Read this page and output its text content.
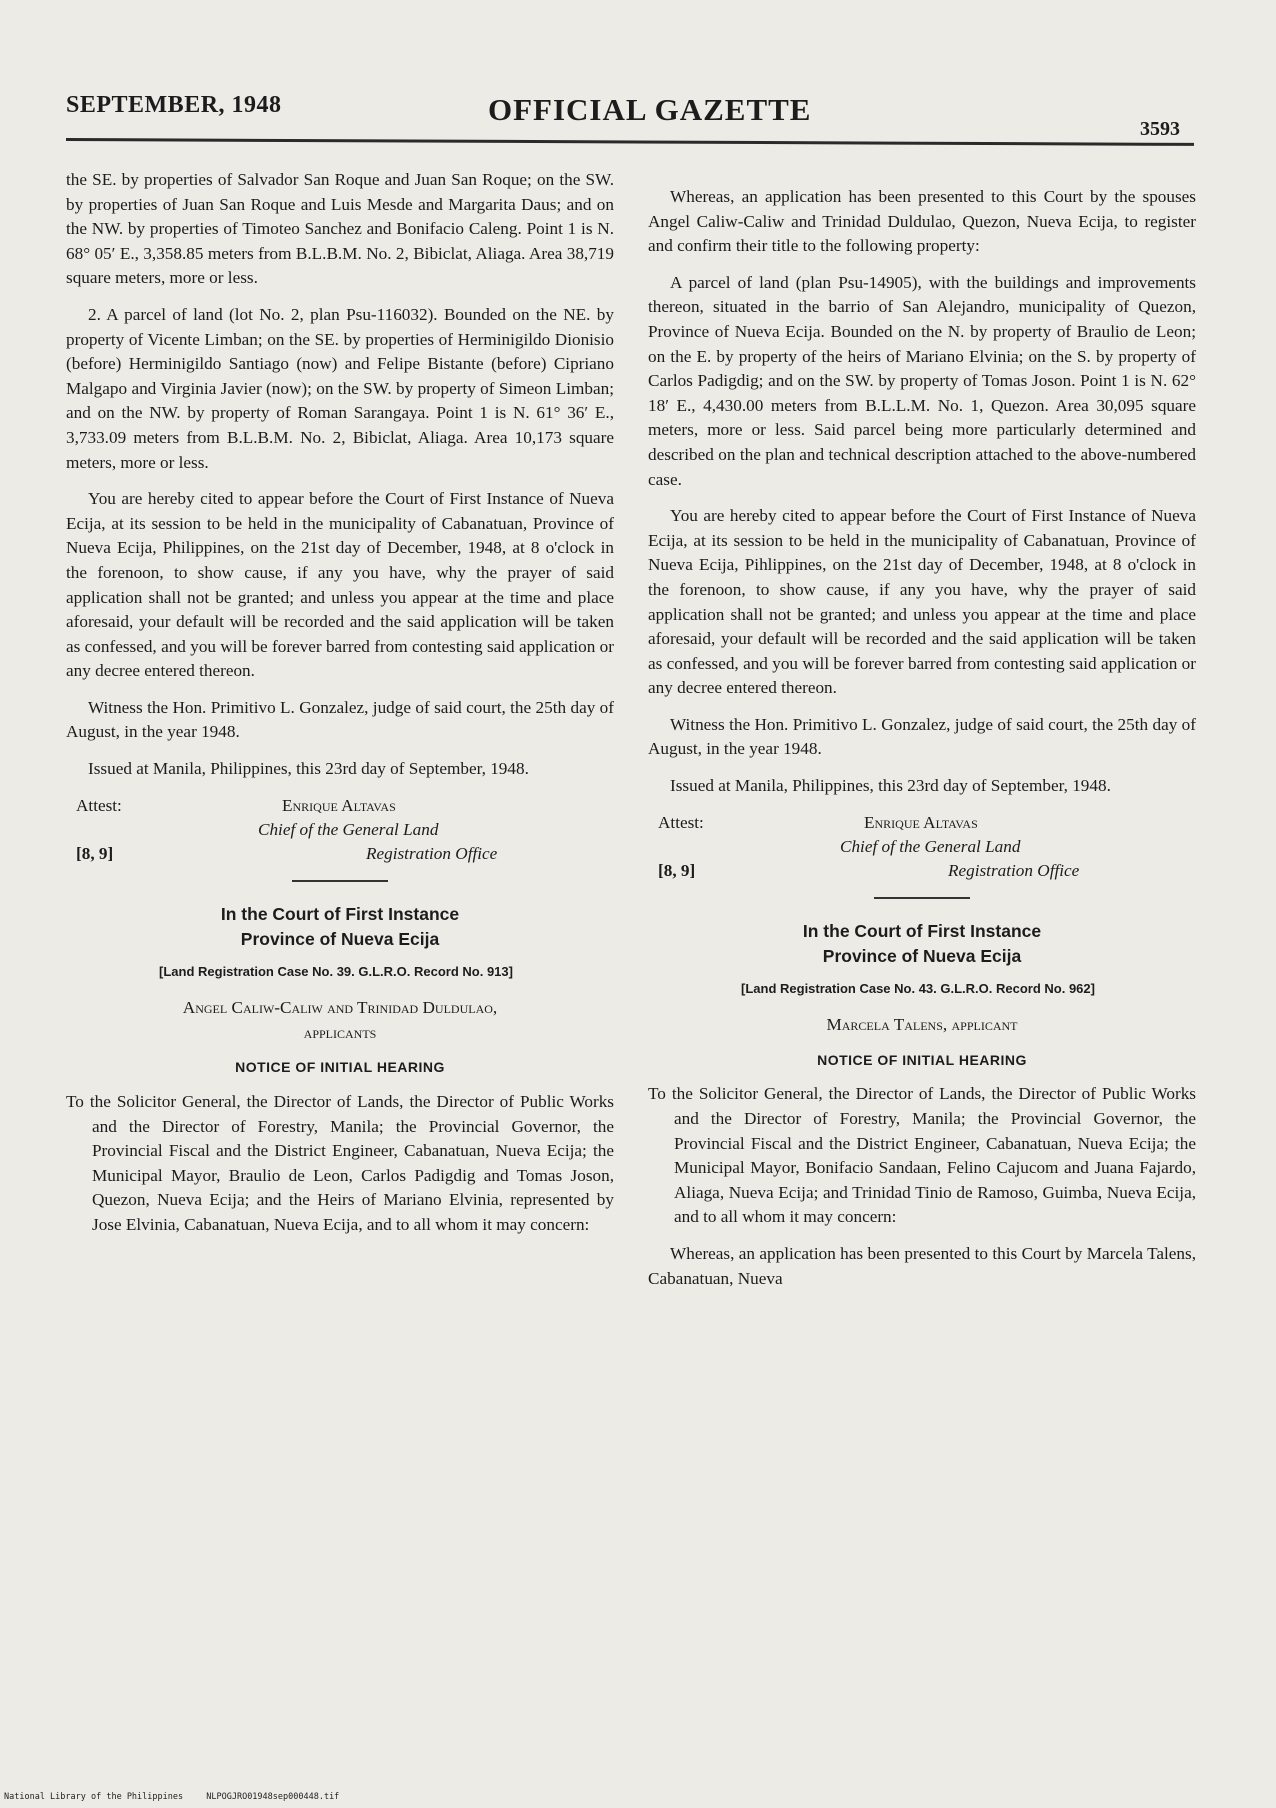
SEPTEMBER, 1948	OFFICIAL GAZETTE
3593

the SE. by properties of Salvador San Roque and Juan San Roque; on the SW. by properties of Juan San Roque and Luis Mesde and Margarita Daus; and on the NW. by properties of Timoteo Sanchez and Bonifacio Caleng. Point 1 is N. 68° 05′ E., 3,358.85 meters from B.L.B.M. No. 2, Bibiclat, Aliaga. Area 38,719 square meters, more or less.

2. A parcel of land (lot No. 2, plan Psu-116032). Bounded on the NE. by property of Vicente Limban; on the SE. by properties of Herminigildo Dionisio (before) Herminigildo Santiago (now) and Felipe Bistante (before) Cipriano Malgapo and Virginia Javier (now); on the SW. by property of Simeon Limban; and on the NW. by property of Roman Sarangaya. Point 1 is N. 61° 36′ E., 3,733.09 meters from B.L.B.M. No. 2, Bibiclat, Aliaga. Area 10,173 square meters, more or less.

You are hereby cited to appear before the Court of First Instance of Nueva Ecija, at its session to be held in the municipality of Cabanatuan, Province of Nueva Ecija, Philippines, on the 21st day of December, 1948, at 8 o'clock in the forenoon, to show cause, if any you have, why the prayer of said application shall not be granted; and unless you appear at the time and place aforesaid, your default will be recorded and the said application will be taken as confessed, and you will be forever barred from contesting said application or any decree entered thereon.

Witness the Hon. Primitivo L. Gonzalez, judge of said court, the 25th day of August, in the year 1948.

Issued at Manila, Philippines, this 23rd day of September, 1948.

Attest:	Enrique Altavas
Chief of the General Land
[8, 9]	Registration Office
In the Court of First Instance
Province of Nueva Ecija
[Land Registration Case No. 39. G.L.R.O. Record No. 913]
Angel Caliw-Caliw and Trinidad Duldulao,
applicants
NOTICE OF INITIAL HEARING

To the Solicitor General, the Director of Lands, the Director of Public Works and the Director of Forestry, Manila; the Provincial Governor, the Provincial Fiscal and the District Engineer, Cabanatuan, Nueva Ecija; the Municipal Mayor, Braulio de Leon, Carlos Padigdig and Tomas Joson, Quezon, Nueva Ecija; and the Heirs of Mariano Elvinia, represented by Jose Elvinia, Cabanatuan, Nueva Ecija, and to all whom it may concern:

Whereas, an application has been presented to this Court by the spouses Angel Caliw-Caliw and Trinidad Duldulao, Quezon, Nueva Ecija, to register and confirm their title to the following property:

A parcel of land (plan Psu-14905), with the buildings and improvements thereon, situated in the barrio of San Alejandro, municipality of Quezon, Province of Nueva Ecija. Bounded on the N. by property of Braulio de Leon; on the E. by property of the heirs of Mariano Elvinia; on the S. by property of Carlos Padigdig; and on the SW. by property of Tomas Joson. Point 1 is N. 62° 18′ E., 4,430.00 meters from B.L.L.M. No. 1, Quezon. Area 30,095 square meters, more or less. Said parcel being more particularly determined and described on the plan and technical description attached to the above-numbered case.

You are hereby cited to appear before the Court of First Instance of Nueva Ecija, at its session to be held in the municipality of Cabanatuan, Province of Nueva Ecija, Pihlippines, on the 21st day of December, 1948, at 8 o'clock in the forenoon, to show cause, if any you have, why the prayer of said application shall not be granted; and unless you appear at the time and place aforesaid, your default will be recorded and the said application will be taken as confessed, and you will be forever barred from contesting said application or any decree entered thereon.

Witness the Hon. Primitivo L. Gonzalez, judge of said court, the 25th day of August, in the year 1948.

Issued at Manila, Philippines, this 23rd day of September, 1948.

Attest:	Enrique Altavas
Chief of the General Land
[8, 9]	Registration Office
In the Court of First Instance
Province of Nueva Ecija
[Land Registration Case No. 43. G.L.R.O. Record No. 962]
Marcela Talens, applicant
NOTICE OF INITIAL HEARING

To the Solicitor General, the Director of Lands, the Director of Public Works and the Director of Forestry, Manila; the Provincial Governor, the Provincial Fiscal and the District Engineer, Cabanatuan, Nueva Ecija; the Municipal Mayor, Bonifacio Sandaan, Felino Cajucom and Juana Fajardo, Aliaga, Nueva Ecija; and Trinidad Tinio de Ramoso, Guimba, Nueva Ecija, and to all whom it may concern:

Whereas, an application has been presented to this Court by Marcela Talens, Cabanatuan, Nueva

National Library of the Philippines	NLPOGJRO01948sep000448.tif
